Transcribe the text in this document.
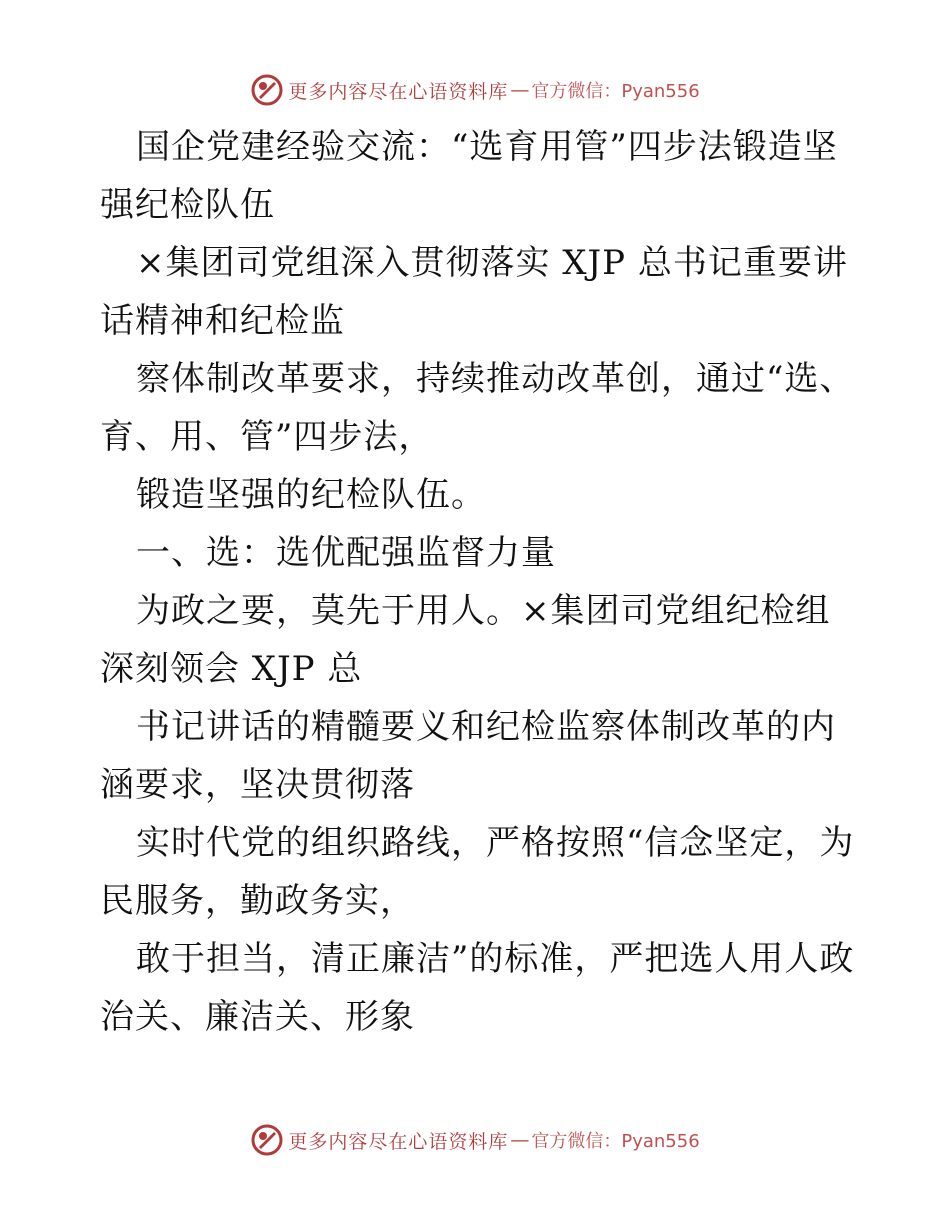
更多内容尽在心语资料库 — 官方微信：Pyan556

国企党建经验交流：“选育用管”四步法锻造坚强纪检队伍

×集团司党组深入贯彻落实 XJP 总书记重要讲话精神和纪检监

察体制改革要求，持续推动改革创，通过“选、育、用、管”四步法，

锻造坚强的纪检队伍。

一、选：选优配强监督力量

为政之要，莫先于用人。×集团司党组纪检组深刻领会 XJP 总

书记讲话的精髓要义和纪检监察体制改革的内涵要求，坚决贯彻落

实时代党的组织路线，严格按照“信念坚定，为民服务，勤政务实，

敢于担当，清正廉洁”的标准，严把选人用人政治关、廉洁关、形象

更多内容尽在心语资料库 — 官方微信：Pyan556
